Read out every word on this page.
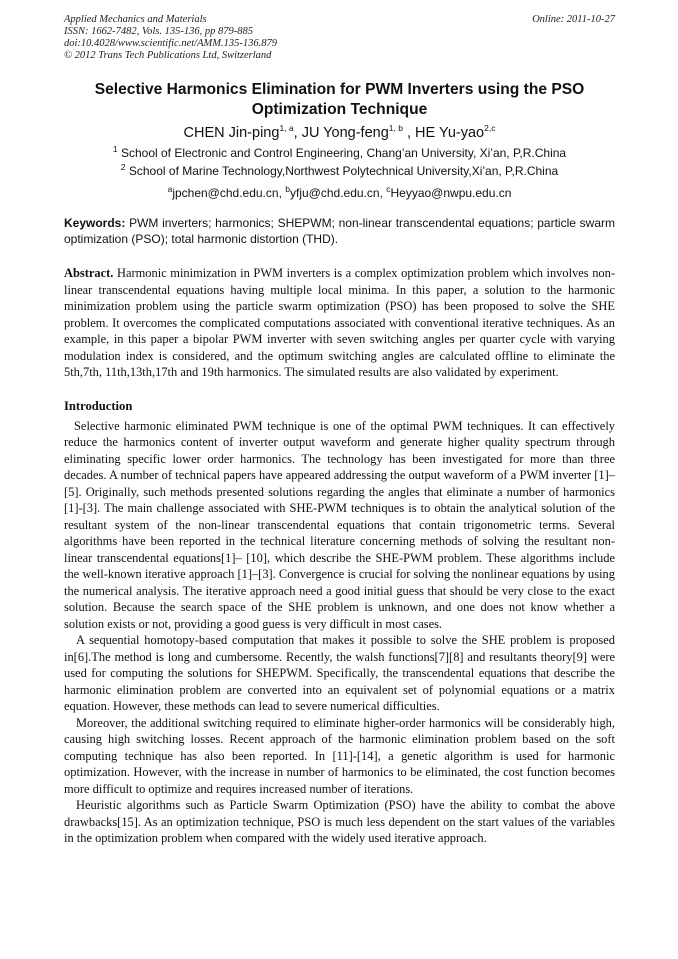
Applied Mechanics and Materials
ISSN: 1662-7482, Vols. 135-136, pp 879-885
doi:10.4028/www.scientific.net/AMM.135-136.879
© 2012 Trans Tech Publications Ltd, Switzerland
Online: 2011-10-27
Selective Harmonics Elimination for PWM Inverters using the PSO Optimization Technique
CHEN Jin-ping$^{1, a}$, JU Yong-feng$^{1, b}$ , HE Yu-yao$^{2,c}$
$^1$ School of Electronic and Control Engineering, Chang’an University, Xi’an, P,R.China
$^2$ School of Marine Technology,Northwest Polytechnical University,Xi’an, P,R.China
$^a$jpchen@chd.edu.cn, $^b$yfju@chd.edu.cn, $^c$Heyyao@nwpu.edu.cn
Keywords: PWM inverters; harmonics; SHEPWM; non-linear transcendental equations; particle swarm optimization (PSO); total harmonic distortion (THD).
Abstract. Harmonic minimization in PWM inverters is a complex optimization problem which involves non-linear transcendental equations having multiple local minima. In this paper, a solution to the harmonic minimization problem using the particle swarm optimization (PSO) has been proposed to solve the SHE problem. It overcomes the complicated computations associated with conventional iterative techniques. As an example, in this paper a bipolar PWM inverter with seven switching angles per quarter cycle with varying modulation index is considered, and the optimum switching angles are calculated offline to eliminate the 5th,7th, 11th,13th,17th and 19th harmonics. The simulated results are also validated by experiment.
Introduction

Selective harmonic eliminated PWM technique is one of the optimal PWM techniques. It can effectively reduce the harmonics content of inverter output waveform and generate higher quality spectrum through eliminating specific lower order harmonics. The technology has been investigated for more than three decades. A number of technical papers have appeared addressing the output waveform of a PWM inverter [1]–[5]. Originally, such methods presented solutions regarding the angles that eliminate a number of harmonics [1]-[3]. The main challenge associated with SHE-PWM techniques is to obtain the analytical solution of the resultant system of the non-linear transcendental equations that contain trigonometric terms. Several algorithms have been reported in the technical literature concerning methods of solving the resultant non-linear transcendental equations[1]– [10], which describe the SHE-PWM problem. These algorithms include the well-known iterative approach [1]–[3]. Convergence is crucial for solving the nonlinear equations by using the numerical analysis. The iterative approach need a good initial guess that should be very close to the exact solution. Because the search space of the SHE problem is unknown, and one does not know whether a solution exists or not, providing a good guess is very difficult in most cases.

A sequential homotopy-based computation that makes it possible to solve the SHE problem is proposed in[6].The method is long and cumbersome. Recently, the walsh functions[7][8] and resultants theory[9] were used for computing the solutions for SHEPWM. Specifically, the transcendental equations that describe the harmonic elimination problem are converted into an equivalent set of polynomial equations or a matrix equation. However, these methods can lead to severe numerical difficulties.

Moreover, the additional switching required to eliminate higher-order harmonics will be considerably high, causing high switching losses. Recent approach of the harmonic elimination problem based on the soft computing technique has also been reported. In [11]-[14], a genetic algorithm is used for harmonic optimization. However, with the increase in number of harmonics to be eliminated, the cost function becomes more difficult to optimize and requires increased number of iterations.

Heuristic algorithms such as Particle Swarm Optimization (PSO) have the ability to combat the above drawbacks[15]. As an optimization technique, PSO is much less dependent on the start values of the variables in the optimization problem when compared with the widely used iterative approach.
